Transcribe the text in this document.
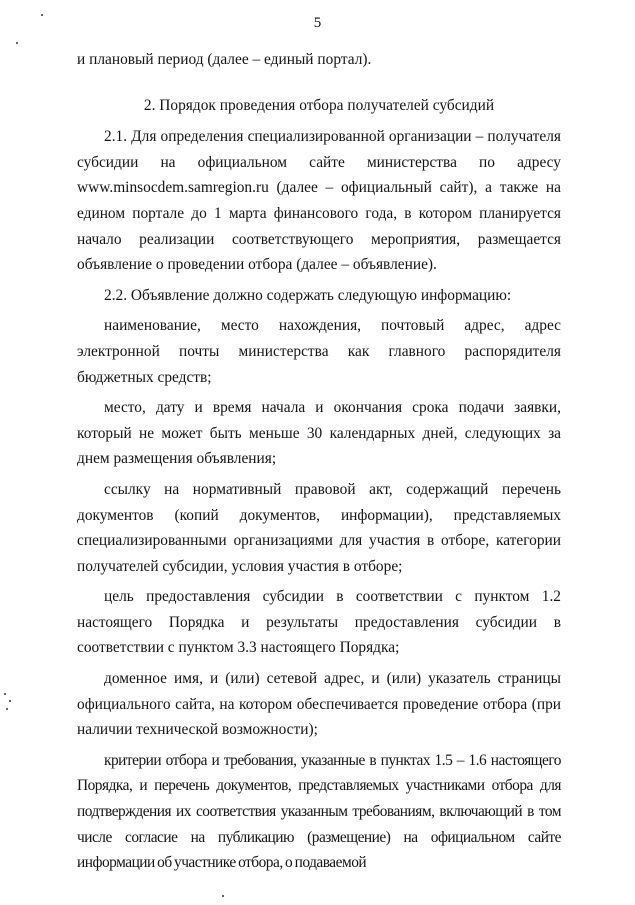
5

и плановый период (далее – единый портал).

2. Порядок проведения отбора получателей субсидий

2.1. Для определения специализированной организации – получателя субсидии на официальном сайте министерства по адресу www.minsocdem.samregion.ru (далее – официальный сайт), а также на едином портале до 1 марта финансового года, в котором планируется начало реализации соответствующего мероприятия, размещается объявление о проведении отбора (далее – объявление).

2.2. Объявление должно содержать следующую информацию:

наименование, место нахождения, почтовый адрес, адрес электронной почты министерства как главного распорядителя бюджетных средств;

место, дату и время начала и окончания срока подачи заявки, который не может быть меньше 30 календарных дней, следующих за днем размещения объявления;

ссылку на нормативный правовой акт, содержащий перечень документов (копий документов, информации), представляемых специализированными организациями для участия в отборе, категории получателей субсидии, условия участия в отборе;

цель предоставления субсидии в соответствии с пунктом 1.2 настоящего Порядка и результаты предоставления субсидии в соответствии с пунктом 3.3 настоящего Порядка;

доменное имя, и (или) сетевой адрес, и (или) указатель страницы официального сайта, на котором обеспечивается проведение отбора (при наличии технической возможности);

критерии отбора и требования, указанные в пунктах 1.5 – 1.6 настоящего Порядка, и перечень документов, представляемых участниками отбора для подтверждения их соответствия указанным требованиям, включающий в том числе согласие на публикацию (размещение) на официальном сайте информации об участнике отбора, о подаваемой
